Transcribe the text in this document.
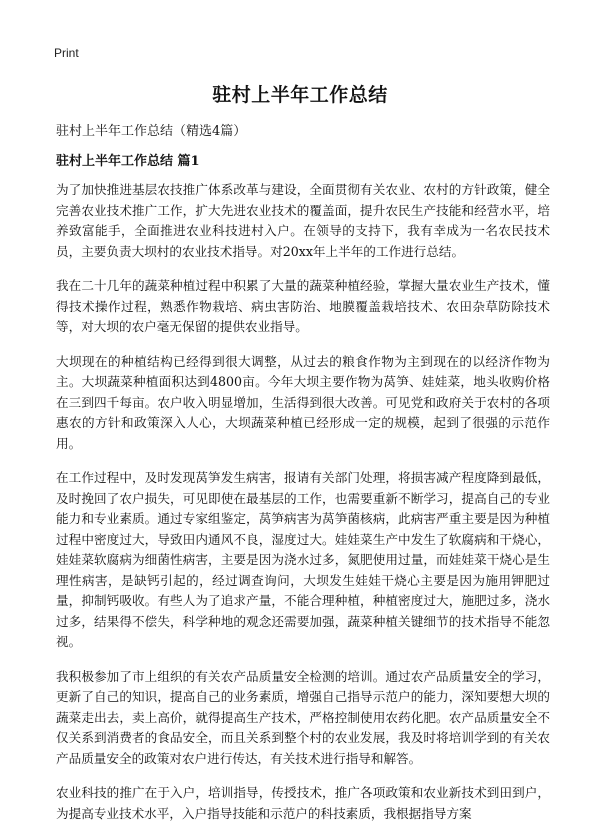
Print
驻村上半年工作总结
驻村上半年工作总结（精选4篇）
驻村上半年工作总结 篇1

为了加快推进基层农技推广体系改革与建设，全面贯彻有关农业、农村的方针政策，健全完善农业技术推广工作，扩大先进农业技术的覆盖面，提升农民生产技能和经营水平，培养致富能手，全面推进农业科技进村入户。在领导的支持下，我有幸成为一名农民技术员，主要负责大坝村的农业技术指导。对20xx年上半年的工作进行总结。

我在二十几年的蔬菜种植过程中积累了大量的蔬菜种植经验，掌握大量农业生产技术，懂得技术操作过程，熟悉作物栽培、病虫害防治、地膜覆盖栽培技术、农田杂草防除技术等，对大坝的农户毫无保留的提供农业指导。

大坝现在的种植结构已经得到很大调整，从过去的粮食作物为主到现在的以经济作物为主。大坝蔬菜种植面积达到4800亩。今年大坝主要作物为莴笋、娃娃菜，地头收购价格在三到四千每亩。农户收入明显增加，生活得到很大改善。可见党和政府关于农村的各项惠农的方针和政策深入人心，大坝蔬菜种植已经形成一定的规模，起到了很强的示范作用。

在工作过程中，及时发现莴笋发生病害，报请有关部门处理，将损害减产程度降到最低，及时挽回了农户损失，可见即使在最基层的工作，也需要重新不断学习，提高自己的专业能力和专业素质。通过专家组鉴定，莴笋病害为莴笋菌核病，此病害严重主要是因为种植过程中密度过大，导致田内通风不良，湿度过大。娃娃菜生产中发生了软腐病和干烧心，娃娃菜软腐病为细菌性病害，主要是因为浇水过多，氮肥使用过量，而娃娃菜干烧心是生理性病害，是缺钙引起的，经过调查询问，大坝发生娃娃干烧心主要是因为施用钾肥过量，抑制钙吸收。有些人为了追求产量，不能合理种植，种植密度过大，施肥过多，浇水过多，结果得不偿失，科学种地的观念还需要加强，蔬菜种植关键细节的技术指导不能忽视。

我积极参加了市上组织的有关农产品质量安全检测的培训。通过农产品质量安全的学习，更新了自己的知识，提高自己的业务素质，增强自己指导示范户的能力，深知要想大坝的蔬菜走出去，卖上高价，就得提高生产技术，严格控制使用农药化肥。农产品质量安全不仅关系到消费者的食品安全，而且关系到整个村的农业发展，我及时将培训学到的有关农产品质量安全的政策对农户进行传达，有关技术进行指导和解答。

农业科技的推广在于入户，培训指导，传授技术，推广各项政策和农业新技术到田到户，为提高专业技术水平，入户指导技能和示范户的科技素质，我根据指导方案
